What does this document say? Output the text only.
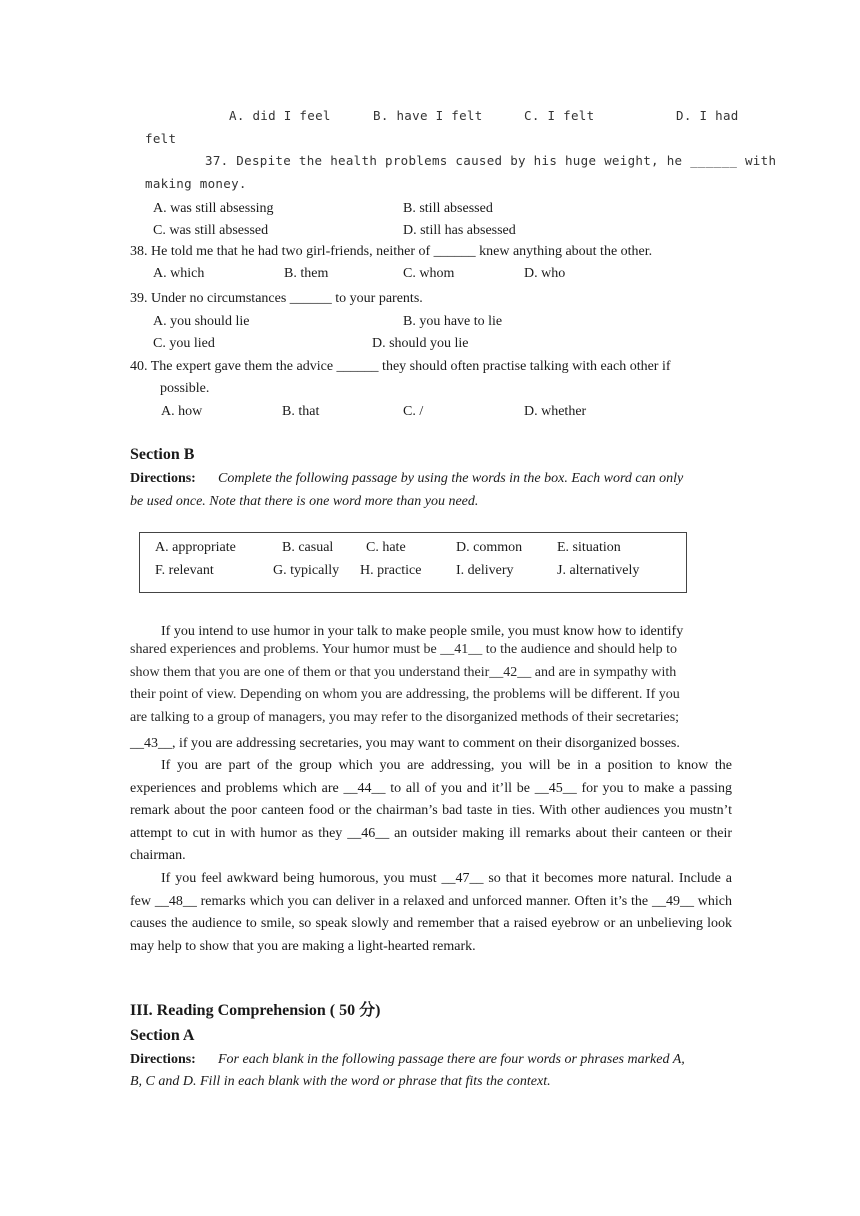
A. did I feel	B. have I felt	C. I felt	D. I had
felt
37. Despite the health problems caused by his huge weight, he ______ with
making money.
A. was still absessing	B. still absessed
C. was still absessed	D. still has absessed
38. He told me that he had two girl-friends, neither of ______ knew anything about the other.
A. which	B. them	C. whom	D. who
39. Under no circumstances ______ to your parents.
A. you should lie	B. you have to lie
C. you lied	D. should you lie
40. The expert gave them the advice ______ they should often practise talking with each other if
possible.
A. how	B. that	C. /	D. whether
Section B
Directions: Complete the following passage by using the words in the box. Each word can only
be used once. Note that there is one word more than you need.
A. appropriate	B. casual C. hate	D. common E. situation
F. relevant	G. typically H. practice I. delivery	J. alternatively
If you intend to use humor in your talk to make people smile, you must know how to identify
shared experiences and problems. Your humor must be __41__ to the audience and should help to
show them that you are one of them or that you understand their__42__ and are in sympathy with
their point of view. Depending on whom you are addressing, the problems will be different. If you
are talking to a group of managers, you may refer to the disorganized methods of their secretaries;
__43__, if you are addressing secretaries, you may want to comment on their disorganized bosses.

If you are part of the group which you are addressing, you will be in a position to know the experiences and problems which are __44__ to all of you and it’ll be __45__ for you to make a passing remark about the poor canteen food or the chairman’s bad taste in ties. With other audiences you mustn’t attempt to cut in with humor as they __46__ an outsider making ill remarks about their canteen or their chairman.

If you feel awkward being humorous, you must __47__ so that it becomes more natural. Include a few __48__ remarks which you can deliver in a relaxed and unforced manner. Often it’s the __49__ which causes the audience to smile, so speak slowly and remember that a raised eyebrow or an unbelieving look may help to show that you are making a light-hearted remark.

III. Reading Comprehension ( 50 分)
Section A
Directions: For each blank in the following passage there are four words or phrases marked A,
B, C and D. Fill in each blank with the word or phrase that fits the context.
